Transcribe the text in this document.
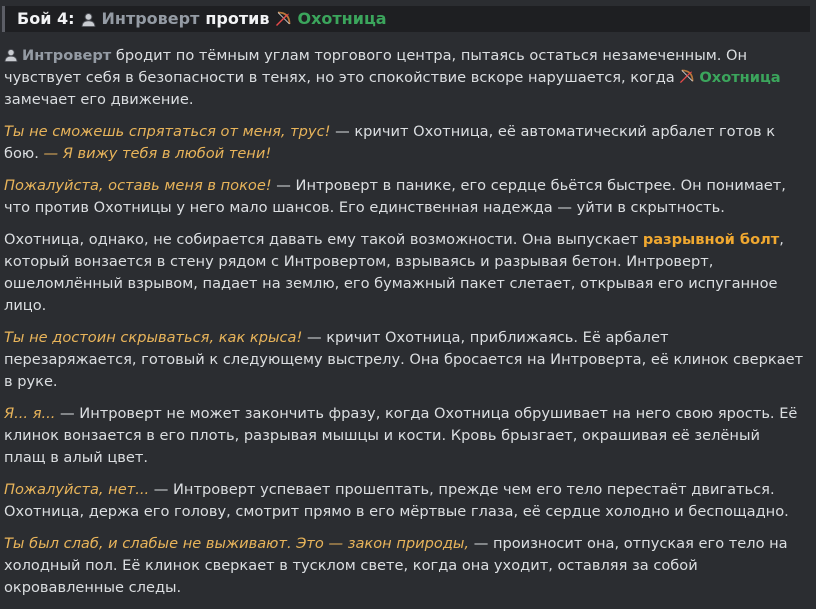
Бой 4: Интроверт против Охотница

Интроверт бродит по тёмным углам торгового центра, пытаясь остаться незамеченным. Он чувствует себя в безопасности в тенях, но это спокойствие вскоре нарушается, когда Охотница замечает его движение.

Ты не сможешь спрятаться от меня, трус! — кричит Охотница, её автоматический арбалет готов к бою. — Я вижу тебя в любой тени!

Пожалуйста, оставь меня в покое! — Интроверт в панике, его сердце бьётся быстрее. Он понимает, что против Охотницы у него мало шансов. Его единственная надежда — уйти в скрытность.

Охотница, однако, не собирается давать ему такой возможности. Она выпускает разрывной болт, который вонзается в стену рядом с Интровертом, взрываясь и разрывая бетон. Интроверт, ошеломлённый взрывом, падает на землю, его бумажный пакет слетает, открывая его испуганное лицо.

Ты не достоин скрываться, как крыса! — кричит Охотница, приближаясь. Её арбалет перезаряжается, готовый к следующему выстрелу. Она бросается на Интроверта, её клинок сверкает в руке.

Я... я... — Интроверт не может закончить фразу, когда Охотница обрушивает на него свою ярость. Её клинок вонзается в его плоть, разрывая мышцы и кости. Кровь брызгает, окрашивая её зелёный плащ в алый цвет.

Пожалуйста, нет... — Интроверт успевает прошептать, прежде чем его тело перестаёт двигаться. Охотница, держа его голову, смотрит прямо в его мёртвые глаза, её сердце холодно и беспощадно.

Ты был слаб, и слабые не выживают. Это — закон природы, — произносит она, отпуская его тело на холодный пол. Её клинок сверкает в тусклом свете, когда она уходит, оставляя за собой окровавленные следы.
